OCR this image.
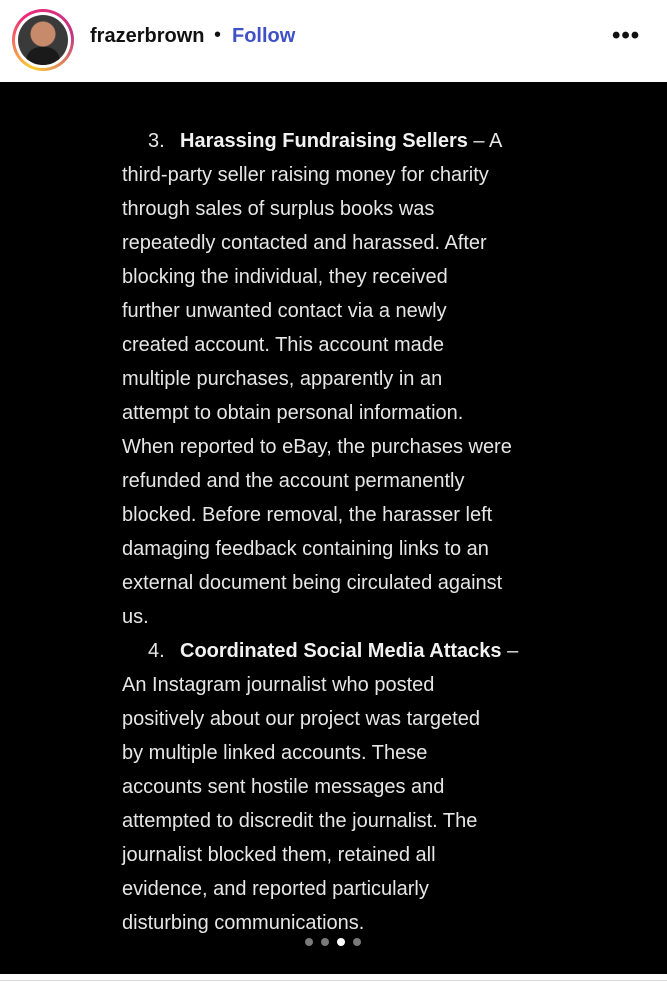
frazerbrown • Follow	•••
3. Harassing Fundraising Sellers – A
third-party seller raising money for charity
through sales of surplus books was
repeatedly contacted and harassed. After
blocking the individual, they received
further unwanted contact via a newly
created account. This account made
multiple purchases, apparently in an
attempt to obtain personal information.
When reported to eBay, the purchases were
refunded and the account permanently
blocked. Before removal, the harasser left
damaging feedback containing links to an
external document being circulated against
us.
4. Coordinated Social Media Attacks –
An Instagram journalist who posted
positively about our project was targeted
by multiple linked accounts. These
accounts sent hostile messages and
attempted to discredit the journalist. The
journalist blocked them, retained all
evidence, and reported particularly
disturbing communications.
